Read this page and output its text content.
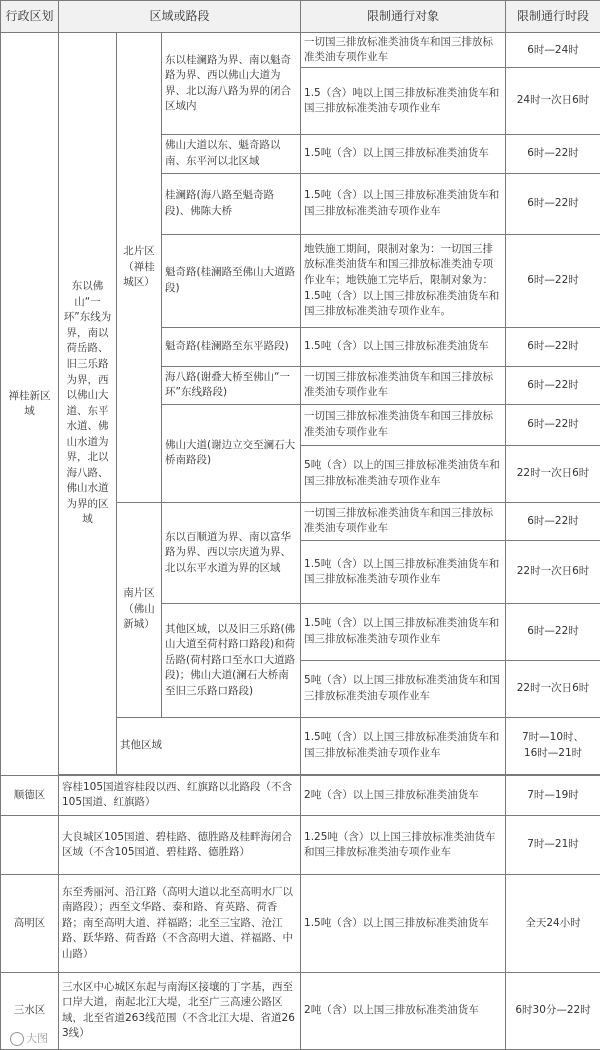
行政区划	区域或路段			限制通行对象	限制通行时段
禅桂新区域	东以佛山“一环”东线为界，南以荷岳路、旧三乐路为界，西以佛山大道、东平水道、佛山水道为界，北以海八路、佛山水道为界的区域	北片区（禅桂城区）	东以桂澜路为界、南以魁奇路为界、西以佛山大道为界、北以海八路为界的闭合区域内	一切国三排放标准类油货车和国三排放标准类油专项作业车	6时—24时
				1.5（含）吨以上国三排放标准类油货车和国三排放标准类油专项作业车	24时一次日6时
			佛山大道以东、魁奇路以南、东平河以北区域	1.5吨（含）以上国三排放标准类油货车	6时—22时
			桂澜路(海八路至魁奇路段)、佛陈大桥	1.5吨（含）以上国三排放标准类油货车和国三排放标准类油专项作业车	6时—22时
			魁奇路(桂澜路至佛山大道路段)	地铁施工期间，限制对象为：一切国三排放标准类油货车和国三排放标准类油专项作业车；地铁施工完毕后，限制对象为：1.5吨（含）以上国三排放标准类油货车和国三排放标准类油专项作业车。	6时—22时
			魁奇路(桂澜路至东平路段)	1.5吨（含）以上国三排放标准类油货车	6时—22时
			海八路(谢叠大桥至佛山“一环”东线路段)	一切国三排放标准类油货车和国三排放标准类油专项作业车	6时—22时
			佛山大道(谢边立交至澜石大桥南路段)	一切国三排放标准类油货车和国三排放标准类油专项作业车	6时—22时
				5吨（含）以上的国三排放标准类油货车和国三排放标准类油专项作业车	22时一次日6时

		南片区（佛山新城）	东以百顺道为界、南以富华路为界、西以宗庆道为界、北以东平水道为界的区域	一切国三排放标准类油货车和国三排放标准类油专项作业车	6时—22时
				1.5吨（含）以上国三排放标准类油货车和国三排放标准类油专项作业车	22时一次日6时
			其他区域，以及旧三乐路(佛山大道至荷村路口路段)和荷岳路(荷村路口至水口大道路段)；佛山大道(澜石大桥南至旧三乐路口路段)	1.5吨（含）以上国三排放标准类油货车和国三排放标准类油专项作业车	6时—22时
				5吨（含）以上国三排放标准类油货车和国三排放标准类油专项作业车	22时一次日6时
		其他区域		1.5吨（含）以上国三排放标准类油货车和国三排放标准类油专项作业车	7时—10时、
16时—21时

顺德区	容桂105国道容桂段以西、红旗路以北路段（不含105国道、红旗路）			2吨（含）以上国三排放标准类油货车	7时—19时
	大良城区105国道、碧桂路、德胜路及桂畔海闭合区域（不含105国道、碧桂路、德胜路）			1.25吨（含）以上国三排放标准类油货车和国三排放标准类油专项作业车	7时—21时
高明区	东至秀丽河、沿江路（高明大道以北至高明水厂以南路段）；西至文华路、泰和路、育英路、荷香路；南至高明大道、祥福路；北至三宝路、沧江路、跃华路、荷香路（不含高明大道、祥福路、中山路）			1.5吨（含）以上国三排放标准类油货车	全天24小时
三水区	三水区中心城区东起与南海区接壤的丁字基，西至口岸大道，南起北江大堤，北至广三高速公路区域，北至省道263线范围（不含北江大堤、省道263线）			2吨（含）以上国三排放标准类油货车	6时30分—22时
大图
